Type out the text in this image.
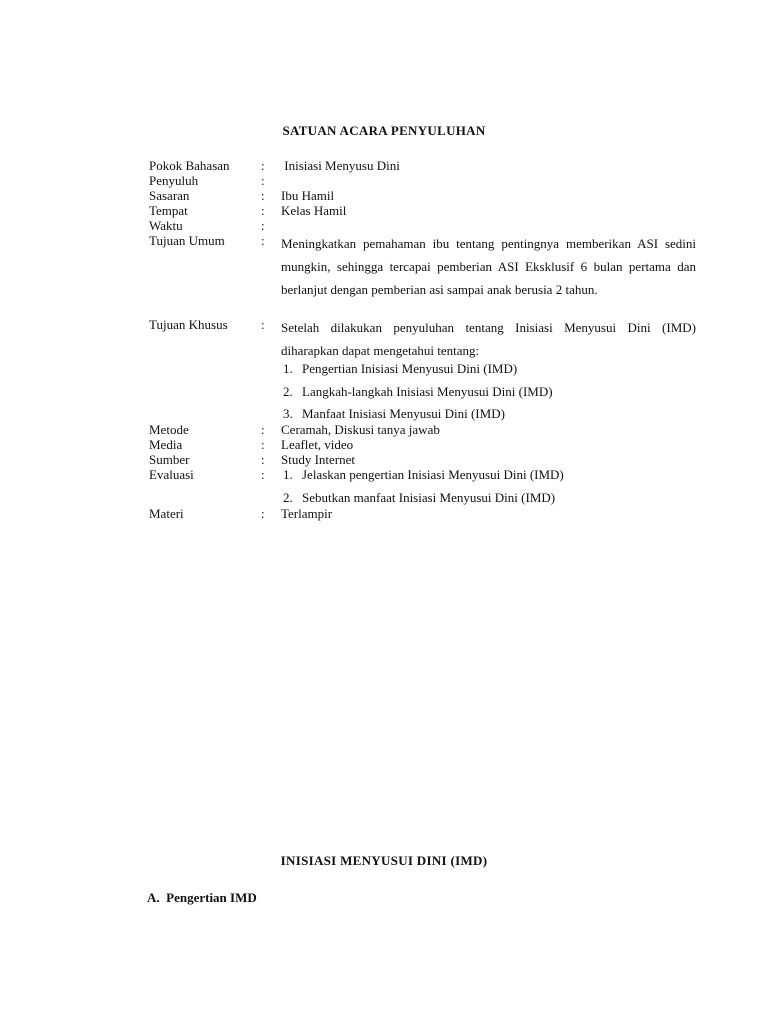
SATUAN ACARA PENYULUHAN
Pokok Bahasan : Inisiasi Menyusu Dini
Penyuluh	:
Sasaran	: Ibu Hamil
Tempat	: Kelas Hamil
Waktu	:
Tujuan Umum	: Meningkatkan pemahaman ibu tentang pentingnya memberikan ASI sedini mungkin, sehingga tercapai pemberian ASI Eksklusif 6 bulan pertama dan berlanjut dengan pemberian asi sampai anak berusia 2 tahun.
Tujuan Khusus	: Setelah dilakukan penyuluhan tentang Inisiasi Menyusui Dini (IMD) diharapkan dapat mengetahui tentang:
1. Pengertian Inisiasi Menyusui Dini (IMD)
2. Langkah-langkah Inisiasi Menyusui Dini (IMD)
3. Manfaat Inisiasi Menyusui Dini (IMD)
Metode	: Ceramah, Diskusi tanya jawab
Media	: Leaflet, video
Sumber	: Study Internet
Evaluasi	: 1. Jelaskan pengertian Inisiasi Menyusui Dini (IMD)
2. Sebutkan manfaat Inisiasi Menyusui Dini (IMD)
Materi	: Terlampir
INISIASI MENYUSUI DINI (IMD)
A.  Pengertian IMD
